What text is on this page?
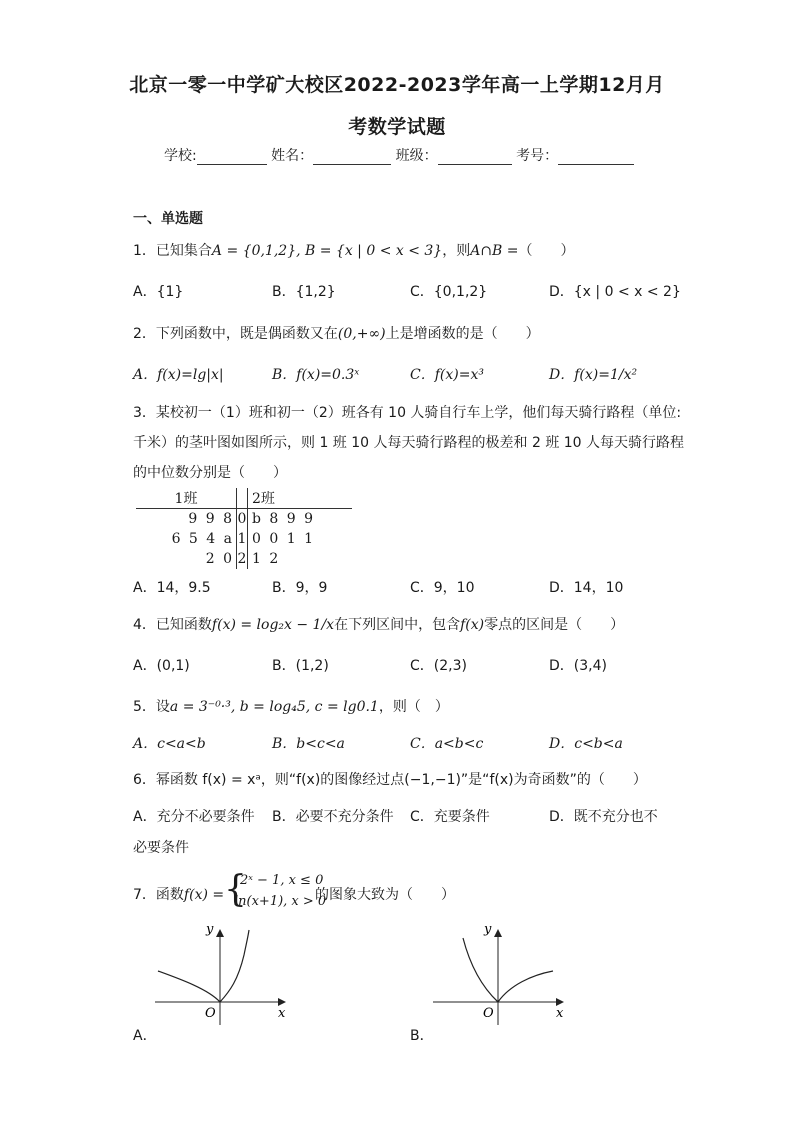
北京一零一中学矿大校区2022-2023学年高一上学期12月月
考数学试题
学校:	姓名：	班级：	考号：
一、单选题
1．已知集合A = {0,1,2}, B = {x | 0 < x < 3}，则A∩B =（　　）
A．{1}	B．{1,2}	C．{0,1,2}	D．{x | 0 < x < 2}
2．下列函数中，既是偶函数又在(0,+∞)上是增函数的是（　　）
A．f(x)=lg|x|	B．f(x)=0.3ˣ	C．f(x)=x³	D．f(x)=1/x²
3．某校初一（1）班和初一（2）班各有 10 人骑自行车上学，他们每天骑行路程（单位:
千米）的茎叶图如图所示，则 1 班 10 人每天骑行路程的极差和 2 班 10 人每天骑行路程
的中位数分别是（　　）
1班		2班
9 9 8	0	b 8 9 9
6 5 4 a	1	0 0 1 1
2 0	2	1 2
A．14，9.5	B．9，9	C．9，10	D．14，10
4．已知函数f(x) = log₂x − 1/x在下列区间中，包含f(x)零点的区间是（　　）
A．(0,1)	B．(1,2)	C．(2,3)	D．(3,4)
5．设a = 3⁻⁰·³, b = log₄5, c = lg0.1，则（　）
A．c<a<b	B．b<c<a	C．a<b<c	D．c<b<a
6．幂函数 f(x) = xᵃ，则“f(x)的图像经过点(−1,−1)”是“f(x)为奇函数”的（　　）
A．充分不必要条件 B．必要不充分条件 C．充要条件	D．既不充分也不
必要条件
7．函数f(x) = {
2ˣ − 1, x ≤ 0
ln(x+1), x > 0
的图象大致为（　　）
y
x
O
A．
y
x
O
B．
